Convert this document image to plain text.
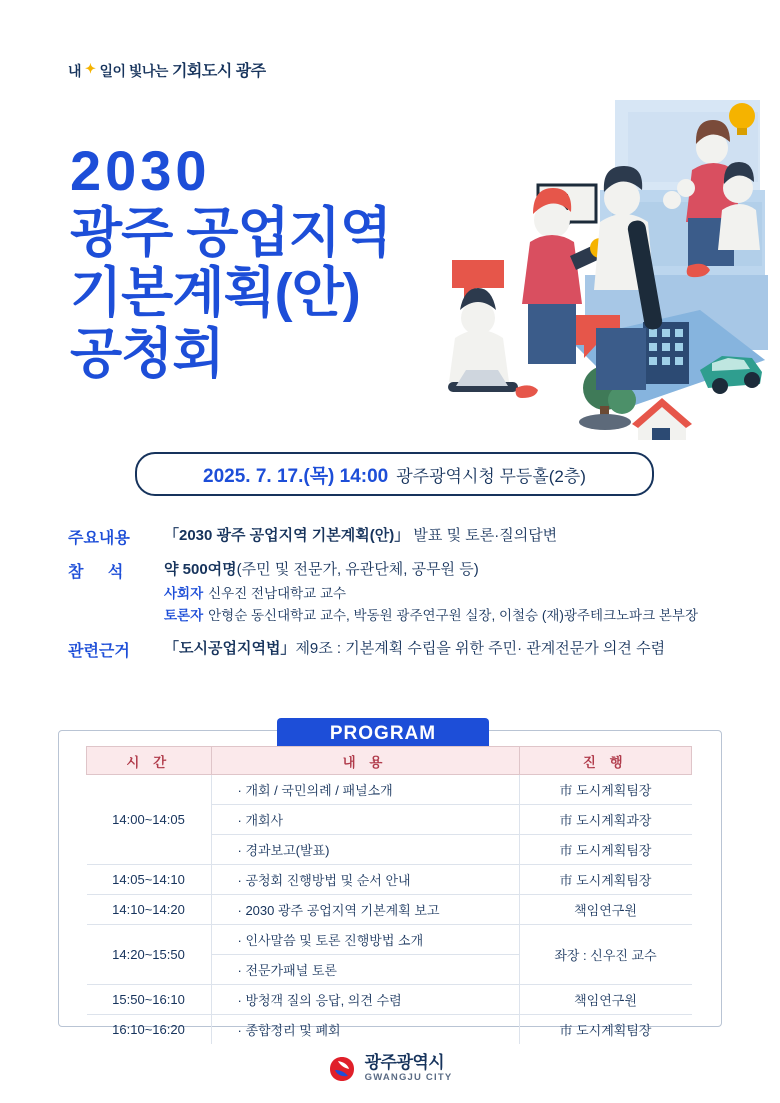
내 ✦ 일이 빛나는 기회도시 광주
2030
광주 공업지역
기본계획(안)
공청회
2025. 7. 17.(목) 14:00 광주광역시청 무등홀(2층)
주요내용	「2030 광주 공업지역 기본계획(안)」 발표 및 토론·질의답변
참 석	약 500여명(주민 및 전문가, 유관단체, 공무원 등)
사회자 신우진 전남대학교 교수
토론자 안형순 동신대학교 교수, 박동원 광주연구원 실장, 이철승 (재)광주테크노파크 본부장
관련근거	「도시공업지역법」제9조 : 기본계획 수립을 위한 주민· 관계전문가 의견 수렴
PROGRAM
시 간	내 용	진 행
14:00~14:05	· 개회 / 국민의례 / 패널소개	市 도시계획팀장
	· 개회사	市 도시계획과장
	· 경과보고(발표)	市 도시계획팀장
14:05~14:10	· 공청회 진행방법 및 순서 안내	市 도시계획팀장
14:10~14:20	· 2030 광주 공업지역 기본계획 보고	책임연구원
14:20~15:50	· 인사말씀 및 토론 진행방법 소개	좌장 : 신우진 교수
	· 전문가패널 토론	
15:50~16:10	· 방청객 질의 응답, 의견 수렴	책임연구원
16:10~16:20	· 종합정리 및 폐회	市 도시계획팀장
광주광역시
GWANGJU CITY
